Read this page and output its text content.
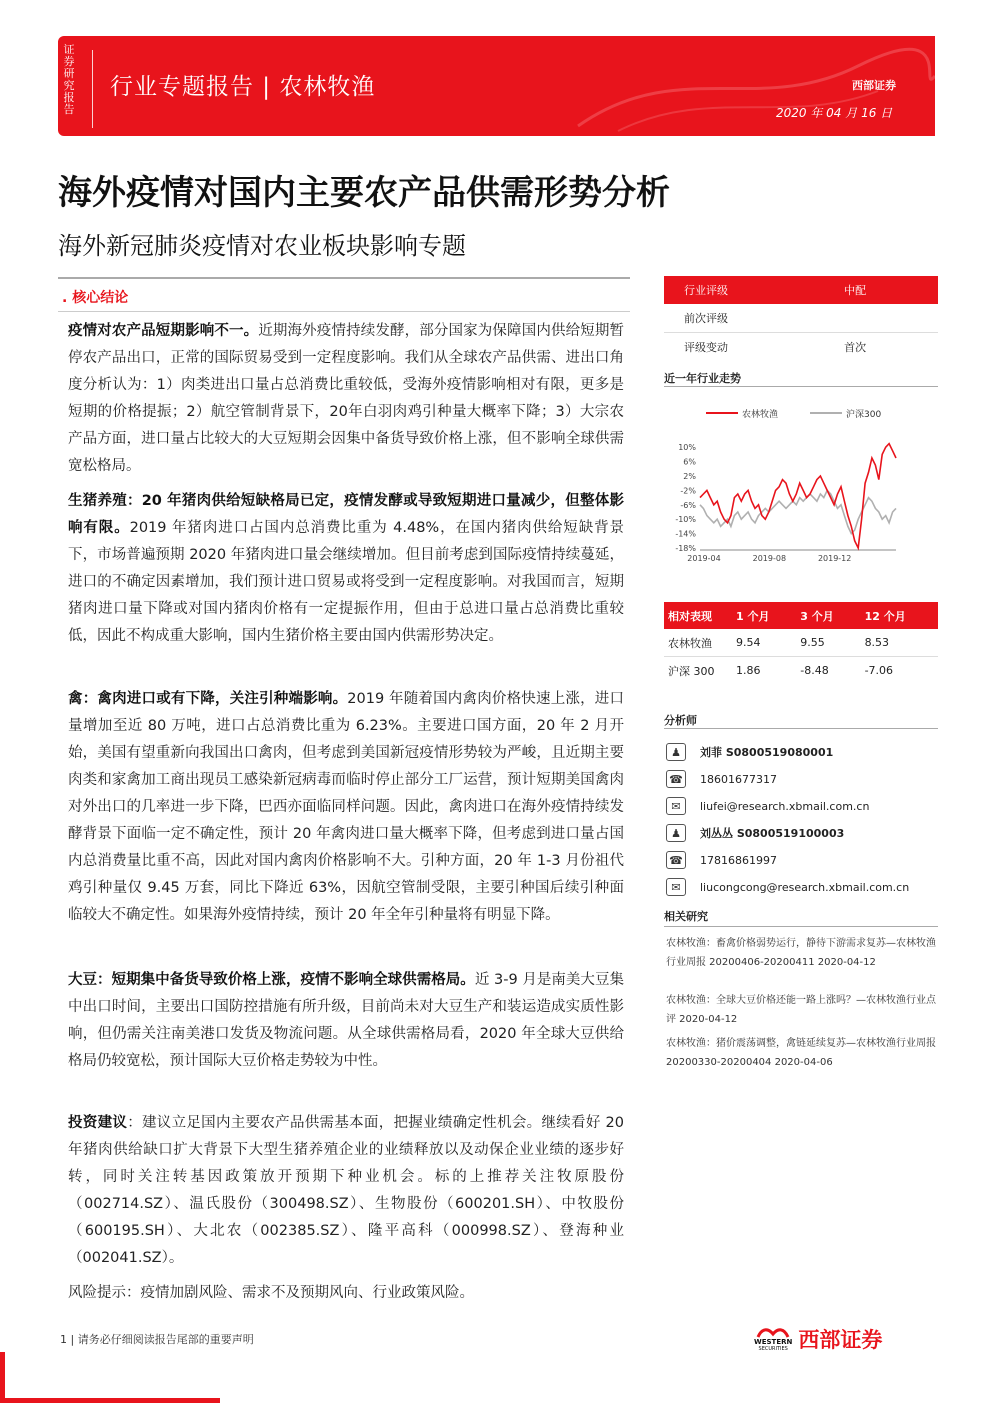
证券研究报告
行业专题报告 | 农林牧渔	西部证券
2020 年 04 月 16 日
海外疫情对国内主要农产品供需形势分析
海外新冠肺炎疫情对农业板块影响专题
. 核心结论
疫情对农产品短期影响不一。近期海外疫情持续发酵，部分国家为保障国内供给短期暂停农产品出口，正常的国际贸易受到一定程度影响。我们从全球农产品供需、进出口角度分析认为：1）肉类进出口量占总消费比重较低，受海外疫情影响相对有限，更多是短期的价格提振；2）航空管制背景下，20年白羽肉鸡引种量大概率下降；3）大宗农产品方面，进口量占比较大的大豆短期会因集中备货导致价格上涨，但不影响全球供需宽松格局。
生猪养殖：20 年猪肉供给短缺格局已定，疫情发酵或导致短期进口量减少，但整体影响有限。2019 年猪肉进口占国内总消费比重为 4.48%，在国内猪肉供给短缺背景下，市场普遍预期 2020 年猪肉进口量会继续增加。但目前考虑到国际疫情持续蔓延，进口的不确定因素增加，我们预计进口贸易或将受到一定程度影响。对我国而言，短期猪肉进口量下降或对国内猪肉价格有一定提振作用，但由于总进口量占总消费比重较低，因此不构成重大影响，国内生猪价格主要由国内供需形势决定。
禽：禽肉进口或有下降，关注引种端影响。2019 年随着国内禽肉价格快速上涨，进口量增加至近 80 万吨，进口占总消费比重为 6.23%。主要进口国方面，20 年 2 月开始，美国有望重新向我国出口禽肉，但考虑到美国新冠疫情形势较为严峻，且近期主要肉类和家禽加工商出现员工感染新冠病毒而临时停止部分工厂运营，预计短期美国禽肉对外出口的几率进一步下降，巴西亦面临同样问题。因此，禽肉进口在海外疫情持续发酵背景下面临一定不确定性，预计 20 年禽肉进口量大概率下降，但考虑到进口量占国内总消费量比重不高，因此对国内禽肉价格影响不大。引种方面，20 年 1-3 月份祖代鸡引种量仅 9.45 万套，同比下降近 63%，因航空管制受限，主要引种国后续引种面临较大不确定性。如果海外疫情持续，预计 20 年全年引种量将有明显下降。
大豆：短期集中备货导致价格上涨，疫情不影响全球供需格局。近 3-9 月是南美大豆集中出口时间，主要出口国防控措施有所升级，目前尚未对大豆生产和装运造成实质性影响，但仍需关注南美港口发货及物流问题。从全球供需格局看，2020 年全球大豆供给格局仍较宽松，预计国际大豆价格走势较为中性。
投资建议：建议立足国内主要农产品供需基本面，把握业绩确定性机会。继续看好 20 年猪肉供给缺口扩大背景下大型生猪养殖企业的业绩释放以及动保企业业绩的逐步好转，同时关注转基因政策放开预期下种业机会。标的上推荐关注牧原股份（002714.SZ）、温氏股份（300498.SZ）、生物股份（600201.SH）、中牧股份（600195.SH）、大北农（002385.SZ）、隆平高科（000998.SZ）、登海种业（002041.SZ）。
风险提示：疫情加剧风险、需求不及预期风向、行业政策风险。
行业评级	中配
前次评级	
评级变动	首次
近一年行业走势
农林牧渔	沪深300
10%
6%
2%
-2%
-6%
-10%
-14%
-18%
2019-04	2019-08	2019-12
相对表现	1 个月	3 个月	12 个月
农林牧渔	9.54	9.55	8.53
沪深 300	1.86	-8.48	-7.06
分析师
♟	刘菲 S0800519080001
☎ 18601677317
✉	liufei@research.xbmail.com.cn
♟	刘丛丛 S0800519100003
☎ 17816861997
✉	liucongcong@research.xbmail.com.cn
相关研究
农林牧渔：畜禽价格弱势运行，静待下游需求复苏—农林牧渔行业周报 20200406-20200411 2020-04-12
农林牧渔：全球大豆价格还能一路上涨吗？—农林牧渔行业点评 2020-04-12
农林牧渔：猪价震荡调整，禽链延续复苏—农林牧渔行业周报 20200330-20200404 2020-04-06
1 | 请务必仔细阅读报告尾部的重要声明	WESTERN
SECURITIES 西部证券
